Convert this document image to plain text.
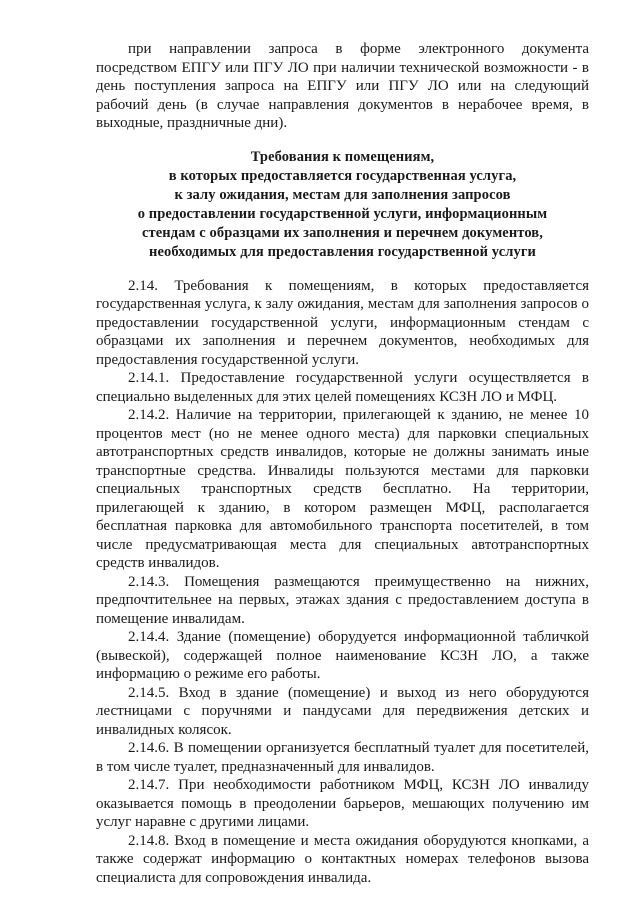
при направлении запроса в форме электронного документа посредством ЕПГУ или ПГУ ЛО при наличии технической возможности - в день поступления запроса на ЕПГУ или ПГУ ЛО или на следующий рабочий день (в случае направления документов в нерабочее время, в выходные, праздничные дни).

Требования к помещениям,
в которых предоставляется государственная услуга,
к залу ожидания, местам для заполнения запросов
о предоставлении государственной услуги, информационным
стендам с образцами их заполнения и перечнем документов,
необходимых для предоставления государственной услуги

2.14. Требования к помещениям, в которых предоставляется государственная услуга, к залу ожидания, местам для заполнения запросов о предоставлении государственной услуги, информационным стендам с образцами их заполнения и перечнем документов, необходимых для предоставления государственной услуги.

2.14.1. Предоставление государственной услуги осуществляется в специально выделенных для этих целей помещениях КСЗН ЛО и МФЦ.

2.14.2. Наличие на территории, прилегающей к зданию, не менее 10 процентов мест (но не менее одного места) для парковки специальных автотранспортных средств инвалидов, которые не должны занимать иные транспортные средства. Инвалиды пользуются местами для парковки специальных транспортных средств бесплатно. На территории, прилегающей к зданию, в котором размещен МФЦ, располагается бесплатная парковка для автомобильного транспорта посетителей, в том числе предусматривающая места для специальных автотранспортных средств инвалидов.

2.14.3. Помещения размещаются преимущественно на нижних, предпочтительнее на первых, этажах здания с предоставлением доступа в помещение инвалидам.

2.14.4. Здание (помещение) оборудуется информационной табличкой (вывеской), содержащей полное наименование КСЗН ЛО, а также информацию о режиме его работы.

2.14.5. Вход в здание (помещение) и выход из него оборудуются лестницами с поручнями и пандусами для передвижения детских и инвалидных колясок.

2.14.6. В помещении организуется бесплатный туалет для посетителей, в том числе туалет, предназначенный для инвалидов.

2.14.7. При необходимости работником МФЦ, КСЗН ЛО инвалиду оказывается помощь в преодолении барьеров, мешающих получению им услуг наравне с другими лицами.

2.14.8. Вход в помещение и места ожидания оборудуются кнопками, а также содержат информацию о контактных номерах телефонов вызова специалиста для сопровождения инвалида.
